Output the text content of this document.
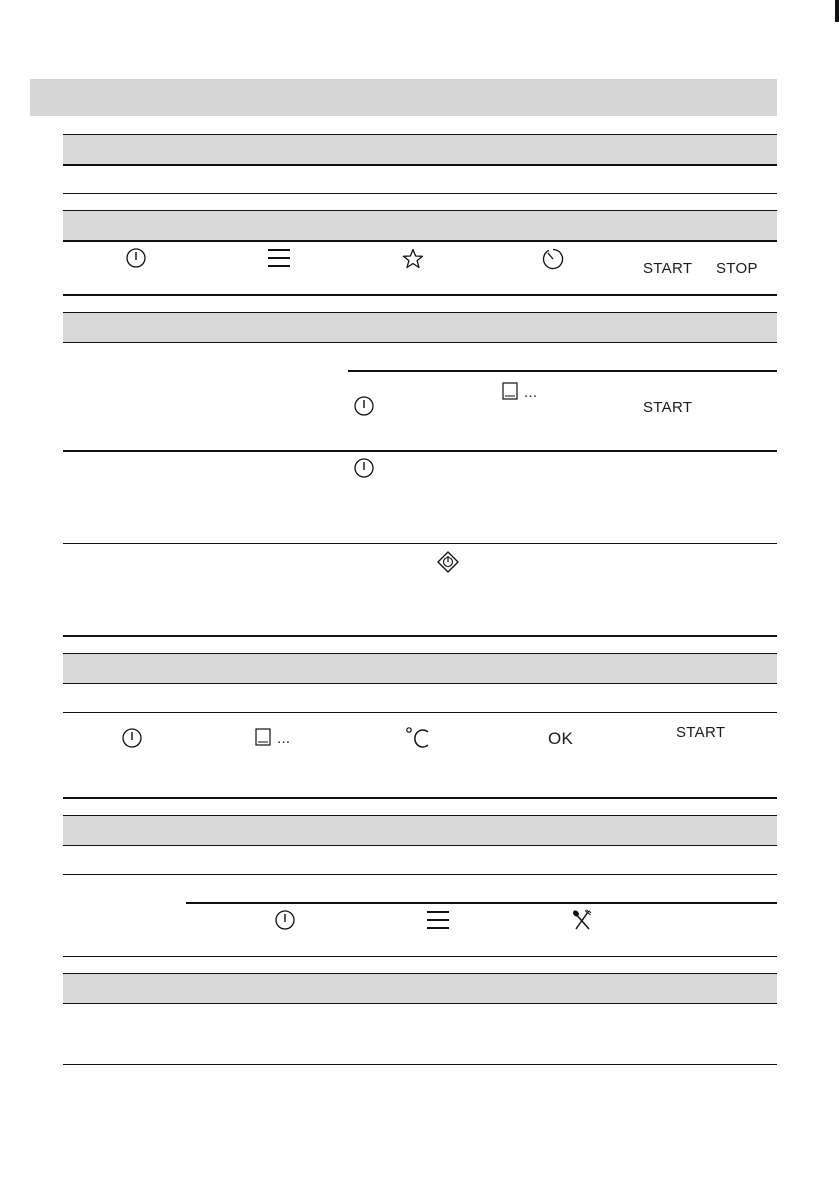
START STOP
...
START
...	OK	START
